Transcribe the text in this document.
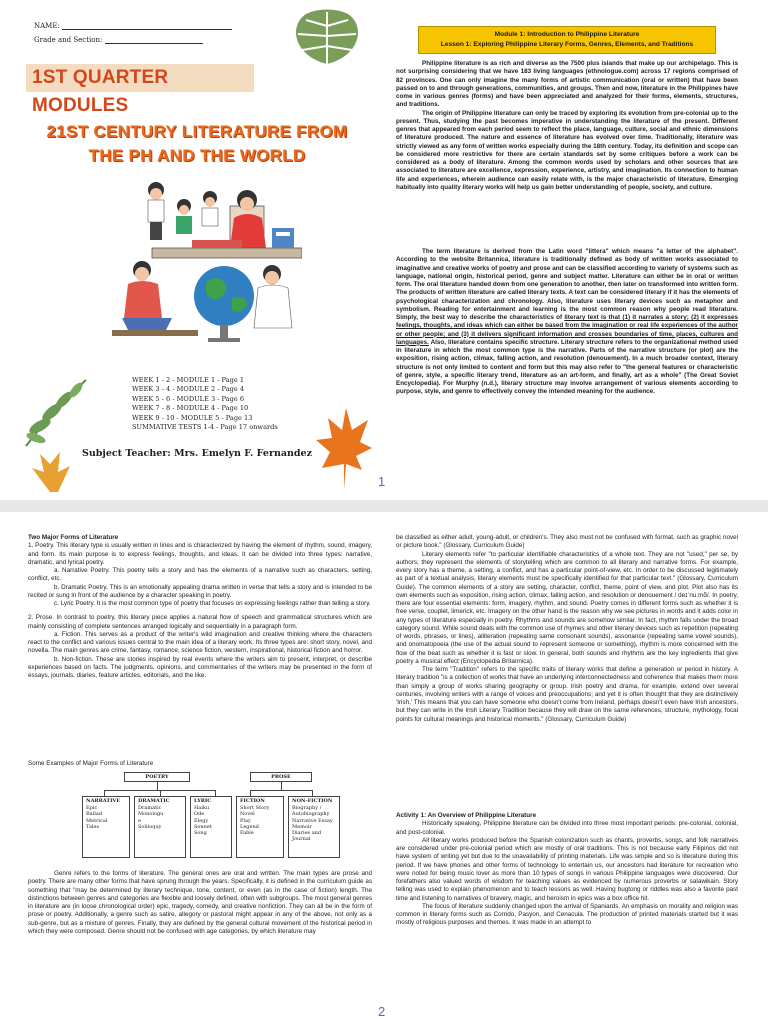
NAME:
Grade and Section:
1ST QUARTER MODULES
21ST CENTURY LITERATURE FROM
THE PH AND THE WORLD
WEEK 1 - 2 - MODULE 1 - Page 1
WEEK 3 - 4 - MODULE 2 - Page 4
WEEK 5 - 6 - MODULE 3 - Page 6
WEEK 7 - 8 - MODULE 4 - Page 10
WEEK 9 - 10 - MODULE 5 - Page 13
SUMMATIVE TESTS 1-4 - Page 17 onwards
Subject Teacher: Mrs. Emelyn F. Fernandez
1
Module 1: Introduction to Philippine Literature
Lesson 1: Exploring Philippine Literary Forms, Genres, Elements, and Traditions

Philippine literature is as rich and diverse as the 7500 plus islands that make up our archipelago. This is not surprising considering that we have 183 living languages (ethnologue.com) across 17 regions comprised of 82 provinces. One can only imagine the many forms of artistic communication (oral or written) that have been passed on to and through generations, communities, and groups. Then and now, literature in the Philippines have come in various genres (forms) and have been appreciated and analyzed for their forms, elements, structures, and traditions.

The origin of Philippine literature can only be traced by exploring its evolution from pre-colonial up to the present. Thus, studying the past becomes imperative in understanding the literature of the present. Different genres that appeared from each period seem to reflect the place, language, culture, social and ethnic dimensions of literature produced. The nature and essence of literature has evolved over time. Traditionally, literature was strictly viewed as any form of written works especially during the 18th century. Today, its definition and scope can be considered more restrictive for there are certain standards set by some critiques before a work can be considered as a body of literature. Among the common words used by scholars and other sources that are associated to literature are excellence, expression, experience, artistry, and imagination. Its connection to human life and experiences, wherein audience can easily relate with, is the major characteristic of literature. Emerging habitually into quality literary works will help us gain better understanding of people, society, and culture.

The term literature is derived from the Latin word "littera" which means "a letter of the alphabet". According to the website Britannica, literature is traditionally defined as body of written works associated to imaginative and creative works of poetry and prose and can be classified according to variety of systems such as language, national origin, historical period, genre and subject matter. Literature can either be in oral or written form. The oral literature handed down from one generation to another, then later on transformed into written form. The products of written literature are called literary texts. A text can be considered literary if it has the elements of psychological characterization and chronology. Also, literature uses literary devices such as metaphor and symbolism. Reading for entertainment and learning is the most common reason why people read literature. Simply, the best way to describe the characteristics of literary text is that (1) it narrates a story; (2) it expresses feelings, thoughts, and ideas which can either be based from the imagination or real life experiences of the author or other people; and (3) it delivers significant information and crosses boundaries of time, places, cultures and languages. Also, literature contains specific structure. Literary structure refers to the organizational method used in literature in which the most common type is the narrative. Parts of the narrative structure (or plot) are the exposition, rising action, climax, falling action, and resolution (denouement). In a much broader context, literary structure is not only limited to content and form but this may also refer to "the general features or characteristic of genre, style, a specific literary trend, literature as an art-form, and finally, art as a whole" (The Great Soviet Encyclopedia). For Murphy (n.d.), literary structure may involve arrangement of various elements according to purpose, style, and genre to effectively convey the intended meaning for the audience.

Two Major Forms of Literature

1. Poetry. This literary type is usually written in lines and is characterized by having the element of rhythm, sound, imagery, and form. Its main purpose is to express feelings, thoughts, and ideas. It can be divided into three types: narrative, dramatic, and lyrical poetry.

a. Narrative Poetry. This poetry tells a story and has the elements of a narrative such as characters, setting, conflict, etc.

b. Dramatic Poetry. This is an emotionally appealing drama written in verse that tells a story and is intended to be recited or sung in front of the audience by a character speaking in poetry.

c. Lyric Poetry. It is the most common type of poetry that focuses on expressing feelings rather than telling a story.

2. Prose. In contrast to poetry, this literary piece applies a natural flow of speech and grammatical structures which are mainly consisting of complete sentences arranged logically and sequentially in a paragraph form.

a. Fiction. This serves as a product of the writer's wild imagination and creative thinking where the characters react to the conflict and various issues central to the main idea of a literary work. Its three types are: short story, novel, and novella. The main genres are crime, fantasy, romance, science fiction, western, inspirational, historical fiction and horror.

b. Non-fiction. These are stories inspired by real events where the writers aim to present, interpret, or describe experiences based on facts. The judgments, opinions, and commentaries of the writers may be presented in the form of essays, journals, diaries, feature articles, editorials, and the like.

Some Examples of Major Forms of Literature

POETRY	PROSE
NARRATIVE
Epic
Ballad
Metrical
Tales
DRAMATIC
Dramatic
Monologu
e
Soliloquy
LYRIC
Haiku
Ode
Elegy
Sonnet
Song
FICTION
Short Story
Novel
Play
Legend
Fable
NON-FICTION
Biography /
Autobiography
Narrative Essay
Memoir
Diaries and
Journal

Genre refers to the forms of literature. The general ones are oral and written. The main types are prose and poetry. There are many other forms that have sprung through the years. Specifically, it is defined in the curriculum guide as something that "may be determined by literary technique, tone, content, or even (as in the case of fiction) length. The distinctions between genres and categories are flexible and loosely defined, often with subgroups. The most general genres in literature are (in loose chronological order) epic, tragedy, comedy, and creative nonfiction. They can all be in the form of prose or poetry. Additionally, a genre such as satire, allegory or pastoral might appear in any of the above, not only as a sub-genre, but as a mixture of genres. Finally, they are defined by the general cultural movement of the historical period in which they were composed. Genre should not be confused with age categories, by which literature may

be classified as either adult, young-adult, or children's. They also must not be confused with format, such as graphic novel or picture book." (Glossary, Curriculum Guide)

Literary elements refer "to particular identifiable characteristics of a whole text. They are not "used," per se, by authors; they represent the elements of storytelling which are common to all literary and narrative forms. For example, every story has a theme, a setting, a conflict, and has a particular point-of-view, etc. In order to be discussed legitimately as part of a textual analysis, literary elements must be specifically identified for that particular text." (Glossary, Curriculum Guide). The common elements of a story are setting, character, conflict, theme, point of view, and plot. Plot also has its own elements such as exposition, rising action, climax, falling action, and resolution or denouement / deɪˈnuːmɑ̃/. In poetry, there are four essential elements: form, imagery, rhythm, and sound. Poetry comes in different forms such as whether it is free verse, couplet, limerick, etc. Imagery on the other hand is the reason why we see pictures in words and it adds color in any types of literature especially in poetry. Rhythms and sounds are somehow similar. In fact, rhythm falls under the broad category sound. While sound deals with the common use of rhymes and other literary devices such as repetition (repeating of words, phrases, or lines), alliteration (repeating same consonant sounds), assonance (repeating same vowel sounds), and onomatopoeia (the use of the actual sound to represent someone or something), rhythm is more concerned with the flow of the beat such as whether it is fast or slow. In general, both sounds and rhythms are the key ingredients that give poetry a musical effect (Encyclopedia Britannica).

The term "Tradition" refers to the specific traits of literary works that define a generation or period in history. A literary tradition "is a collection of works that have an underlying interconnectedness and coherence that makes them more than simply a group of works sharing geography or group. Irish poetry and drama, for example, extend over several centuries, involving writers with a range of voices and preoccupations; and yet it is often thought that they are distinctively 'Irish.' This means that you can have someone who doesn't come from Ireland, perhaps doesn't even have Irish ancestors, but they can write in the Irish Literary Tradition because they will draw on the same references, structure, mythology, focal points for cultural meanings and historical moments." (Glossary, Curriculum Guide)

Activity 1: An Overview of Philippine Literature

Historically speaking, Philippine literature can be divided into three most important periods: pre-colonial, colonial, and post-colonial.

All literary works produced before the Spanish colonization such as chants, proverbs, songs, and folk narratives are considered under pre-colonial period which are mostly of oral traditions. This is not because early Filipinos did not have system of writing yet but due to the unavailability of printing materials. Life was simple and so is literature during this period. If we have phones and other forms of technology to entertain us, our ancestors had literature for recreation who were noted for being music lover as more than 10 types of songs in various Philippine languages were discovered. Our forefathers also valued words of wisdom for teaching values as evidenced by numerous proverbs or salawikain. Story telling was used to explain phenomenon and to teach lessons as well. Having bugtong or riddles was also a favorite past time and listening to narratives of bravery, magic, and heroism in epics was a box office hit.

The focus of literature suddenly changed upon the arrival of Spaniards. An emphasis on morality and religion was common in literary forms such as Corrido, Pasyon, and Cenacula. The production of printed materials started but it was mostly of religious purposes and themes. It was made in an attempt to

2
